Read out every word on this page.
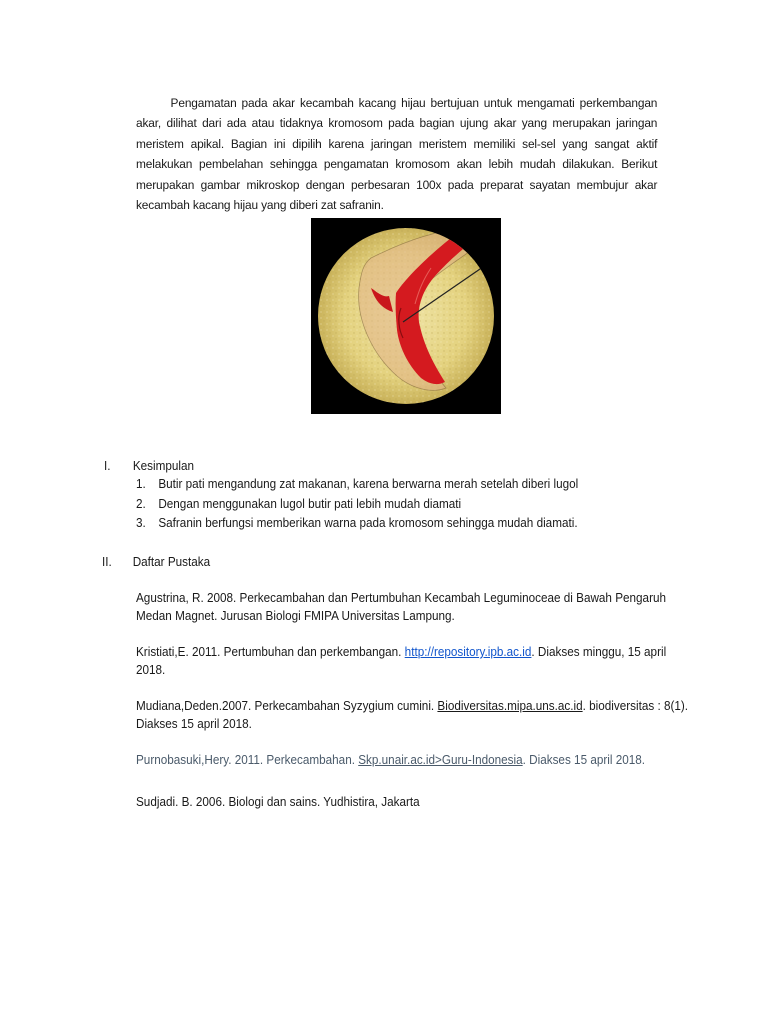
Pengamatan pada akar kecambah kacang hijau bertujuan untuk mengamati perkembangan akar, dilihat dari ada atau tidaknya kromosom pada bagian ujung akar yang merupakan jaringan meristem apikal. Bagian ini dipilih karena jaringan meristem memiliki sel-sel yang sangat aktif melakukan pembelahan sehingga pengamatan kromosom akan lebih mudah dilakukan. Berikut merupakan gambar mikroskop dengan perbesaran 100x pada preparat sayatan membujur akar kecambah kacang hijau yang diberi zat safranin.

I.	Kesimpulan
1. Butir pati mengandung zat makanan, karena berwarna merah setelah diberi lugol
2. Dengan menggunakan lugol butir pati lebih mudah diamati
3. Safranin berfungsi memberikan warna pada kromosom sehingga mudah diamati.
II.	Daftar Pustaka

Agustrina, R. 2008. Perkecambahan dan Pertumbuhan Kecambah Leguminoceae di Bawah Pengaruh Medan Magnet. Jurusan Biologi FMIPA Universitas Lampung.

Kristiati,E. 2011. Pertumbuhan dan perkembangan. http://repository.ipb.ac.id. Diakses minggu, 15 april 2018.

Mudiana,Deden.2007. Perkecambahan Syzygium cumini. Biodiversitas.mipa.uns.ac.id. biodiversitas : 8(1). Diakses 15 april 2018.

Purnobasuki,Hery. 2011. Perkecambahan. Skp.unair.ac.id>Guru-Indonesia. Diakses 15 april 2018.

Sudjadi. B. 2006. Biologi dan sains. Yudhistira, Jakarta
